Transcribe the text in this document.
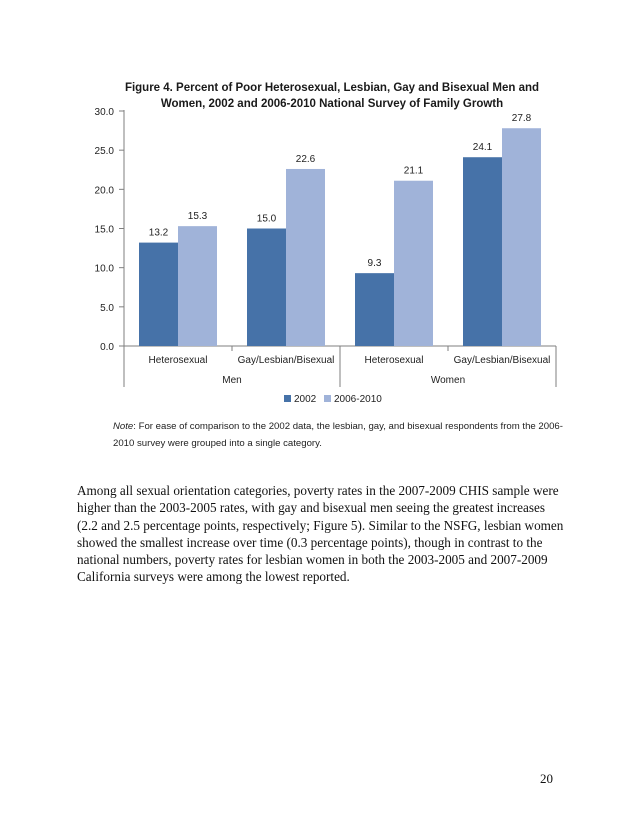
Figure 4. Percent of Poor Heterosexual, Lesbian, Gay and Bisexual Men and
Women, 2002 and 2006-2010 National Survey of Family Growth
0.0
5.0
10.0
15.0
20.0
25.0
30.0
13.2
15.3
Heterosexual
15.0
22.6
Gay/Lesbian/Bisexual
9.3
21.1
Heterosexual
24.1
27.8
Gay/Lesbian/Bisexual
Men	Women
2002 2006-2010
Note: For ease of comparison to the 2002 data, the lesbian, gay, and bisexual respondents from the 2006-2010 survey were grouped into a single category.
Among all sexual orientation categories, poverty rates in the 2007-2009 CHIS sample were higher than the 2003-2005 rates, with gay and bisexual men seeing the greatest increases (2.2 and 2.5 percentage points, respectively; Figure 5). Similar to the NSFG, lesbian women showed the smallest increase over time (0.3 percentage points), though in contrast to the national numbers, poverty rates for lesbian women in both the 2003-2005 and 2007-2009 California surveys were among the lowest reported.
20
